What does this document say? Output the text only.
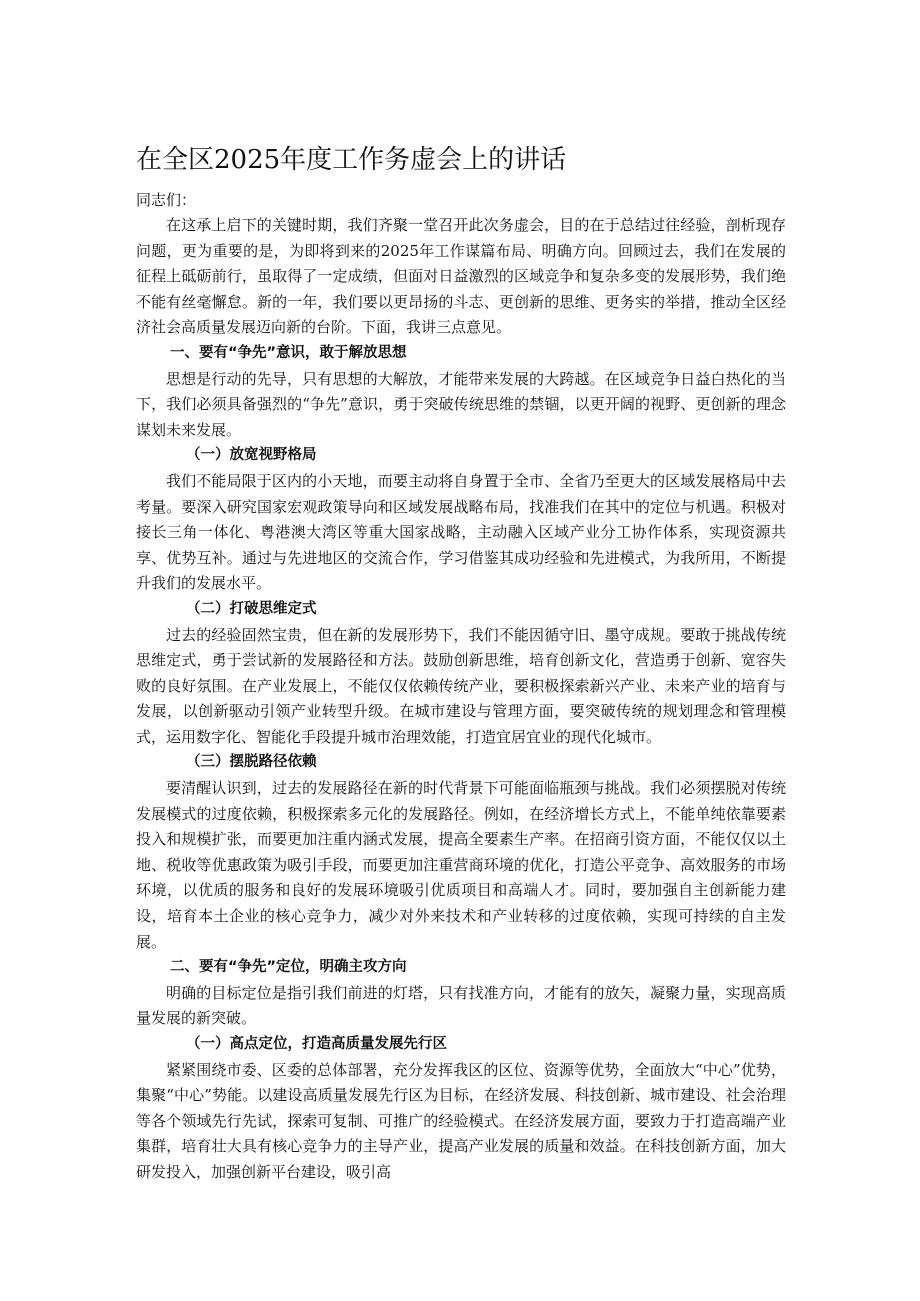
在全区2025年度工作务虚会上的讲话

同志们：

在这承上启下的关键时期，我们齐聚一堂召开此次务虚会，目的在于总结过往经验，剖析现存问题，更为重要的是，为即将到来的2025年工作谋篇布局、明确方向。回顾过去，我们在发展的征程上砥砺前行，虽取得了一定成绩，但面对日益激烈的区域竞争和复杂多变的发展形势，我们绝不能有丝毫懈怠。新的一年，我们要以更昂扬的斗志、更创新的思维、更务实的举措，推动全区经济社会高质量发展迈向新的台阶。下面，我讲三点意见。

一、要有“争先”意识，敢于解放思想

思想是行动的先导，只有思想的大解放，才能带来发展的大跨越。在区域竞争日益白热化的当下，我们必须具备强烈的“争先”意识，勇于突破传统思维的禁锢，以更开阔的视野、更创新的理念谋划未来发展。

（一）放宽视野格局

我们不能局限于区内的小天地，而要主动将自身置于全市、全省乃至更大的区域发展格局中去考量。要深入研究国家宏观政策导向和区域发展战略布局，找准我们在其中的定位与机遇。积极对接长三角一体化、粤港澳大湾区等重大国家战略，主动融入区域产业分工协作体系，实现资源共享、优势互补。通过与先进地区的交流合作，学习借鉴其成功经验和先进模式，为我所用，不断提升我们的发展水平。

（二）打破思维定式

过去的经验固然宝贵，但在新的发展形势下，我们不能因循守旧、墨守成规。要敢于挑战传统思维定式，勇于尝试新的发展路径和方法。鼓励创新思维，培育创新文化，营造勇于创新、宽容失败的良好氛围。在产业发展上，不能仅仅依赖传统产业，要积极探索新兴产业、未来产业的培育与发展，以创新驱动引领产业转型升级。在城市建设与管理方面，要突破传统的规划理念和管理模式，运用数字化、智能化手段提升城市治理效能，打造宜居宜业的现代化城市。

（三）摆脱路径依赖

要清醒认识到，过去的发展路径在新的时代背景下可能面临瓶颈与挑战。我们必须摆脱对传统发展模式的过度依赖，积极探索多元化的发展路径。例如，在经济增长方式上，不能单纯依靠要素投入和规模扩张，而要更加注重内涵式发展，提高全要素生产率。在招商引资方面，不能仅仅以土地、税收等优惠政策为吸引手段，而要更加注重营商环境的优化，打造公平竞争、高效服务的市场环境，以优质的服务和良好的发展环境吸引优质项目和高端人才。同时，要加强自主创新能力建设，培育本土企业的核心竞争力，减少对外来技术和产业转移的过度依赖，实现可持续的自主发展。

二、要有“争先”定位，明确主攻方向

明确的目标定位是指引我们前进的灯塔，只有找准方向，才能有的放矢，凝聚力量，实现高质量发展的新突破。

（一）高点定位，打造高质量发展先行区

紧紧围绕市委、区委的总体部署，充分发挥我区的区位、资源等优势，全面放大“中心”优势，集聚“中心”势能。以建设高质量发展先行区为目标，在经济发展、科技创新、城市建设、社会治理等各个领域先行先试，探索可复制、可推广的经验模式。在经济发展方面，要致力于打造高端产业集群，培育壮大具有核心竞争力的主导产业，提高产业发展的质量和效益。在科技创新方面，加大研发投入，加强创新平台建设，吸引高
